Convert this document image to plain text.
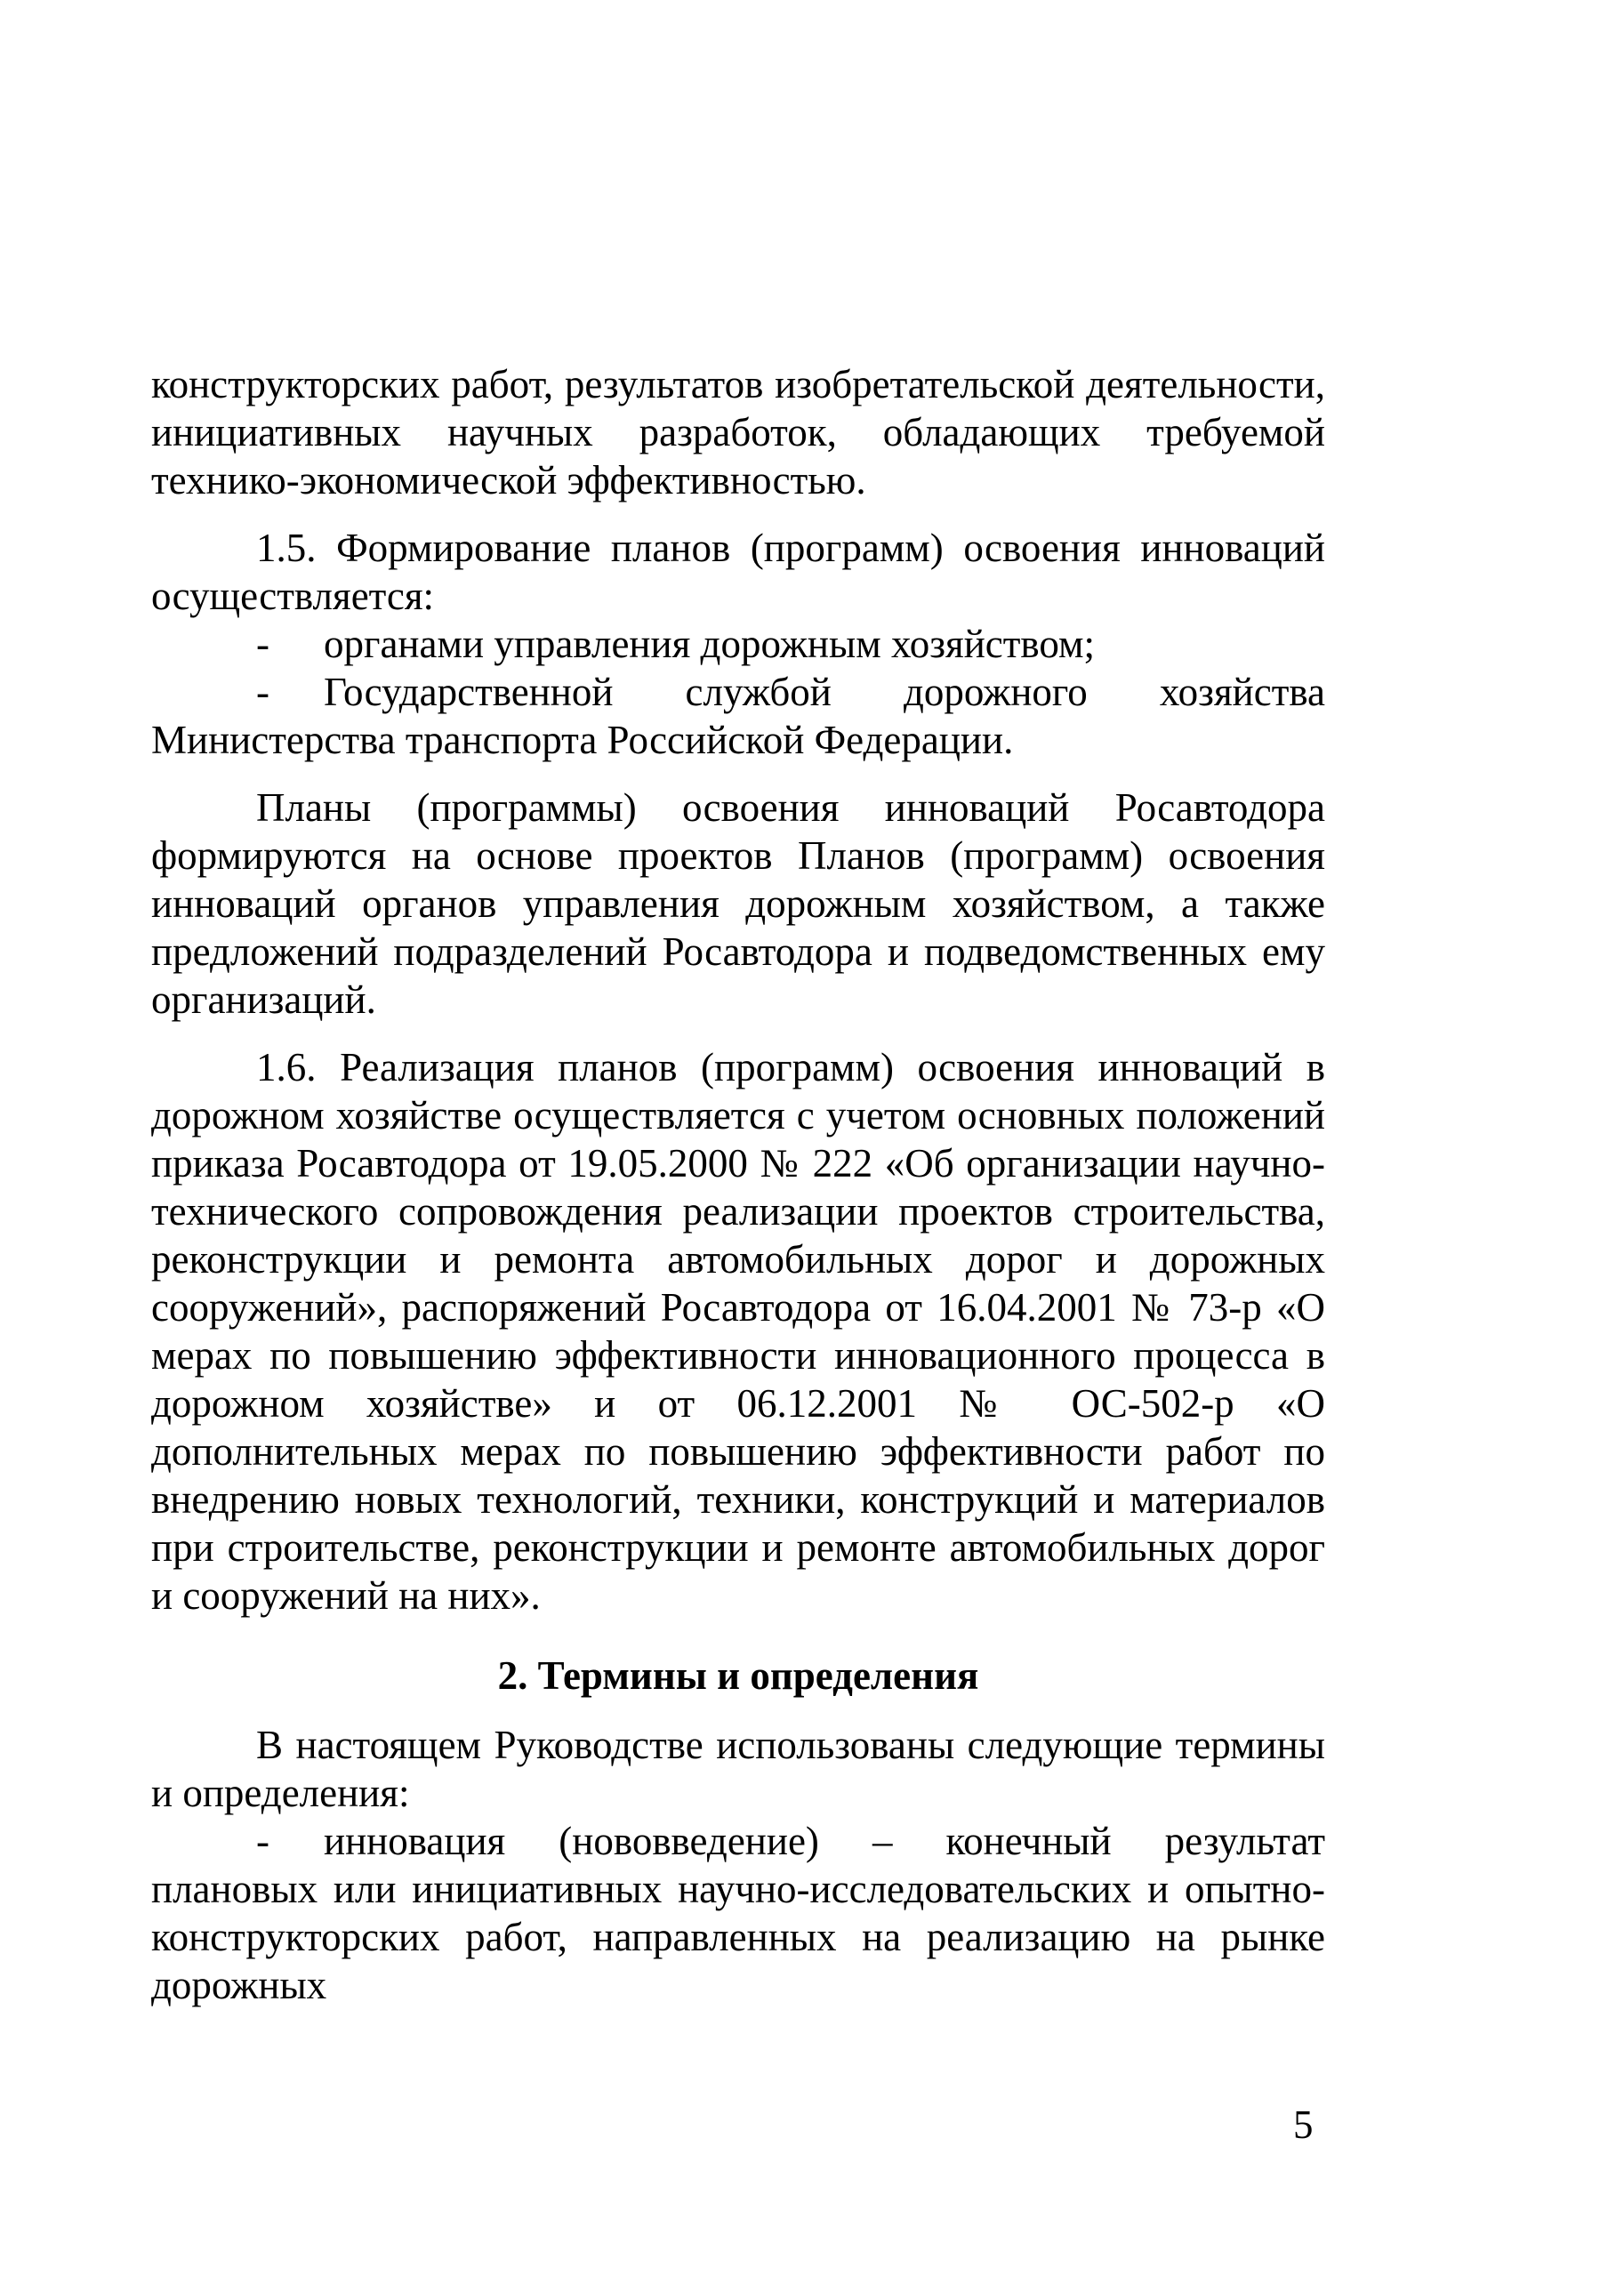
конструкторских работ, результатов изобретательской деятельности, инициативных научных разработок, обладающих требуемой технико-экономической эффективностью.

1.5. Формирование планов (программ) освоения инноваций осуществляется:

- органами управления дорожным хозяйством;

- Государственной службой дорожного хозяйства Министерства транспорта Российской Федерации.

Планы (программы) освоения инноваций Росавтодора формируются на основе проектов Планов (программ) освоения инноваций органов управления дорожным хозяйством, а также предложений подразделений Росавтодора и подведомственных ему организаций.

1.6. Реализация планов (программ) освоения инноваций в дорожном хозяйстве осуществляется с учетом основных положений приказа Росавтодора от 19.05.2000 № 222 «Об организации научно-технического сопровождения реализации проектов строительства, реконструкции и ремонта автомобильных дорог и дорожных сооружений», распоряжений Росавтодора от 16.04.2001 № 73-р «О мерах по повышению эффективности инновационного процесса в дорожном хозяйстве» и от 06.12.2001 № ОС-502-р «О дополнительных мерах по повышению эффективности работ по внедрению новых технологий, техники, конструкций и материалов при строительстве, реконструкции и ремонте автомобильных дорог и сооружений на них».

2. Термины и определения

В настоящем Руководстве использованы следующие термины и определения:

- инновация (нововведение) – конечный результат плановых или инициативных научно-исследовательских и опытно-конструкторских работ, направленных на реализацию на рынке дорожных

5
